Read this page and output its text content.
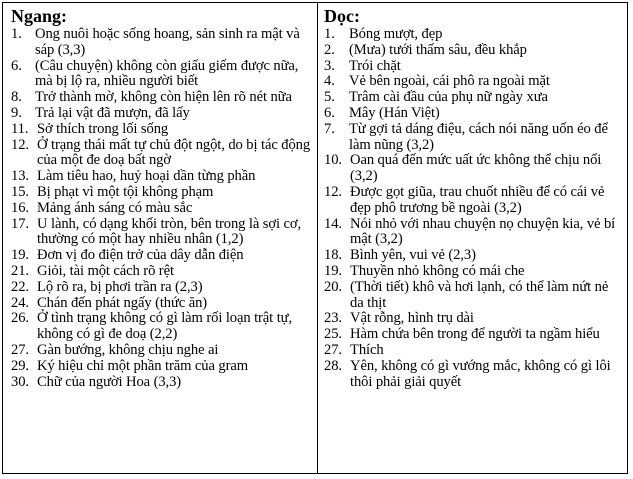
Ngang:
1. Ong nuôi hoặc sống hoang, sản sinh ra mật và sáp (3,3)
6. (Câu chuyện) không còn giấu giếm được nữa, mà bị lộ ra, nhiều người biết
8. Trở thành mờ, không còn hiện lên rõ nét nữa
9. Trả lại vật đã mượn, đã lấy
11. Sở thích trong lối sống
12. Ở trạng thái mất tự chủ đột ngột, do bị tác động của một đe doạ bất ngờ
13. Làm tiêu hao, huỷ hoại dần từng phần
15. Bị phạt vì một tội không phạm
16. Mảng ánh sáng có màu sắc
17. U lành, có dạng khối tròn, bên trong là sợi cơ, thường có một hay nhiều nhân (1,2)
19. Đơn vị đo điện trở của dây dẫn điện
21. Giỏi, tài một cách rõ rệt
22. Lộ rõ ra, bị phơi trần ra (2,3)
24. Chán đến phát ngấy (thức ăn)
26. Ở tình trạng không có gì làm rối loạn trật tự, không có gì đe doạ (2,2)
27. Gàn bướng, không chịu nghe ai
29. Ký hiệu chỉ một phần trăm của gram
30. Chữ của người Hoa (3,3)
Dọc:
1. Bóng mượt, đẹp
2. (Mưa) tưới thấm sâu, đều khắp
3. Trói chặt
4. Vẻ bên ngoài, cái phô ra ngoài mặt
5. Trâm cài đầu của phụ nữ ngày xưa
6. Mây (Hán Việt)
7. Từ gợi tả dáng điệu, cách nói năng uốn éo để làm nũng (3,2)
10. Oan quá đến mức uất ức không thể chịu nổi (3,2)
12. Được gọt giũa, trau chuốt nhiều để có cái vẻ đẹp phô trương bề ngoài (3,2)
14. Nói nhỏ với nhau chuyện nọ chuyện kia, vẻ bí mật (3,2)
18. Bình yên, vui vẻ (2,3)
19. Thuyền nhỏ không có mái che
20. (Thời tiết) khô và hơi lạnh, có thể làm nứt nẻ da thịt
23. Vật rỗng, hình trụ dài
25. Hàm chứa bên trong để người ta ngầm hiểu
27. Thích
28. Yên, không có gì vướng mắc, không có gì lôi thôi phải giải quyết
